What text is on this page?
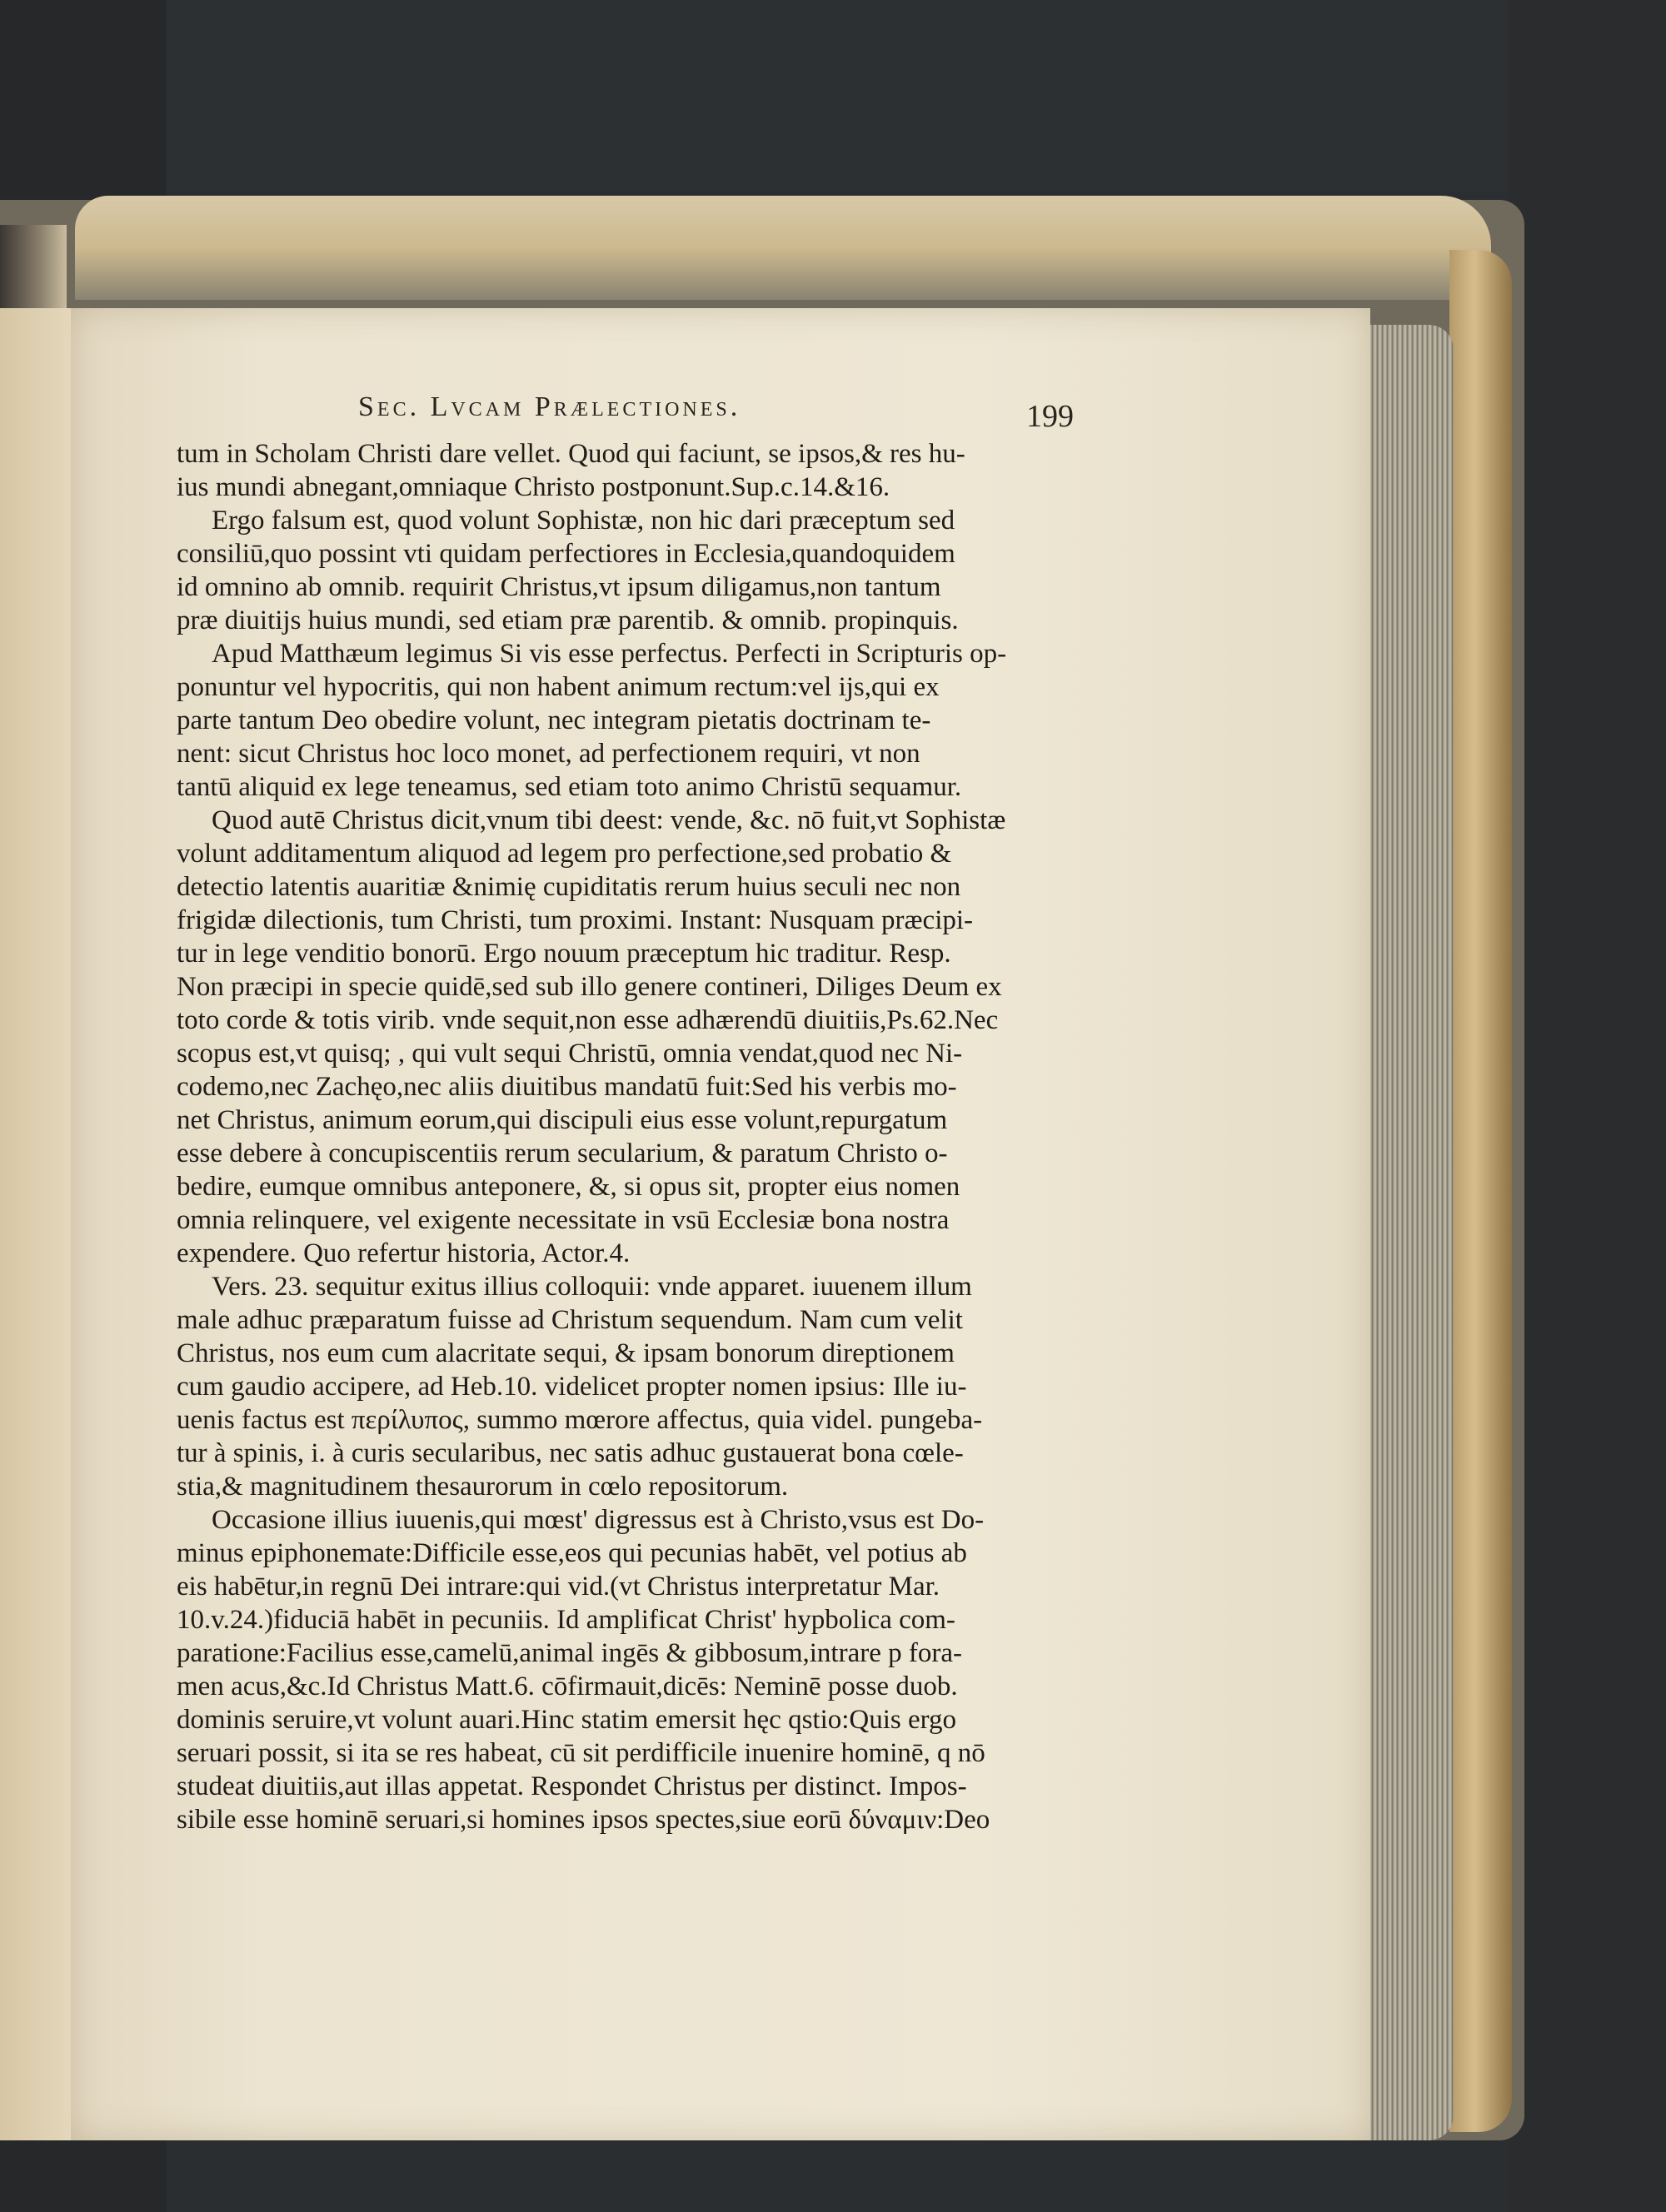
Sec. Lvcam Prælectiones.	199
tum in Scholam Christi dare vellet. Quod qui faciunt, se ipsos,& res hu-
ius mundi abnegant,omniaque Christo postponunt.Sup.c.14.&16.
Ergo falsum est, quod volunt Sophistæ, non hic dari præceptum sed
consiliū,quo possint vti quidam perfectiores in Ecclesia,quandoquidem
id omnino ab omnib. requirit Christus,vt ipsum diligamus,non tantum
præ diuitijs huius mundi, sed etiam præ parentib. & omnib. propinquis.
Apud Matthæum legimus Si vis esse perfectus. Perfecti in Scripturis op-
ponuntur vel hypocritis, qui non habent animum rectum:vel ijs,qui ex
parte tantum Deo obedire volunt, nec integram pietatis doctrinam te-
nent: sicut Christus hoc loco monet, ad perfectionem requiri, vt non
tantū aliquid ex lege teneamus, sed etiam toto animo Christū sequamur.
Quod autē Christus dicit,vnum tibi deest: vende, &c. nō fuit,vt Sophistæ
volunt additamentum aliquod ad legem pro perfectione,sed probatio &
detectio latentis auaritiæ &nimię cupiditatis rerum huius seculi nec non
frigidæ dilectionis, tum Christi, tum proximi. Instant: Nusquam præcipi-
tur in lege venditio bonorū. Ergo nouum præceptum hic traditur. Resp.
Non præcipi in specie quidē,sed sub illo genere contineri, Diliges Deum ex
toto corde & totis virib. vnde sequit,non esse adhærendū diuitiis,Ps.62.Nec
scopus est,vt quisq; , qui vult sequi Christū, omnia vendat,quod nec Ni-
codemo,nec Zachęo,nec aliis diuitibus mandatū fuit:Sed his verbis mo-
net Christus, animum eorum,qui discipuli eius esse volunt,repurgatum
esse debere à concupiscentiis rerum secularium, & paratum Christo o-
bedire, eumque omnibus anteponere, &, si opus sit, propter eius nomen
omnia relinquere, vel exigente necessitate in vsū Ecclesiæ bona nostra
expendere. Quo refertur historia, Actor.4.
Vers. 23. sequitur exitus illius colloquii: vnde apparet. iuuenem illum
male adhuc præparatum fuisse ad Christum sequendum. Nam cum velit
Christus, nos eum cum alacritate sequi, & ipsam bonorum direptionem
cum gaudio accipere, ad Heb.10. videlicet propter nomen ipsius: Ille iu-
uenis factus est περίλυπος, summo mœrore affectus, quia videl. pungeba-
tur à spinis, i. à curis secularibus, nec satis adhuc gustauerat bona cœle-
stia,& magnitudinem thesaurorum in cœlo repositorum.
Occasione illius iuuenis,qui mœst' digressus est à Christo,vsus est Do-
minus epiphonemate:Difficile esse,eos qui pecunias habēt, vel potius ab
eis habētur,in regnū Dei intrare:qui vid.(vt Christus interpretatur Mar.
10.v.24.)fiduciā habēt in pecuniis. Id amplificat Christ' hypbolica com-
paratione:Facilius esse,camelū,animal ingēs & gibbosum,intrare p fora-
men acus,&c.Id Christus Matt.6. cōfirmauit,dicēs: Neminē posse duob.
dominis seruire,vt volunt auari.Hinc statim emersit hęc qstio:Quis ergo
seruari possit, si ita se res habeat, cū sit perdifficile inuenire hominē, q nō
studeat diuitiis,aut illas appetat. Respondet Christus per distinct. Impos-
sibile esse hominē seruari,si homines ipsos spectes,siue eorū δύναμιν:Deo
